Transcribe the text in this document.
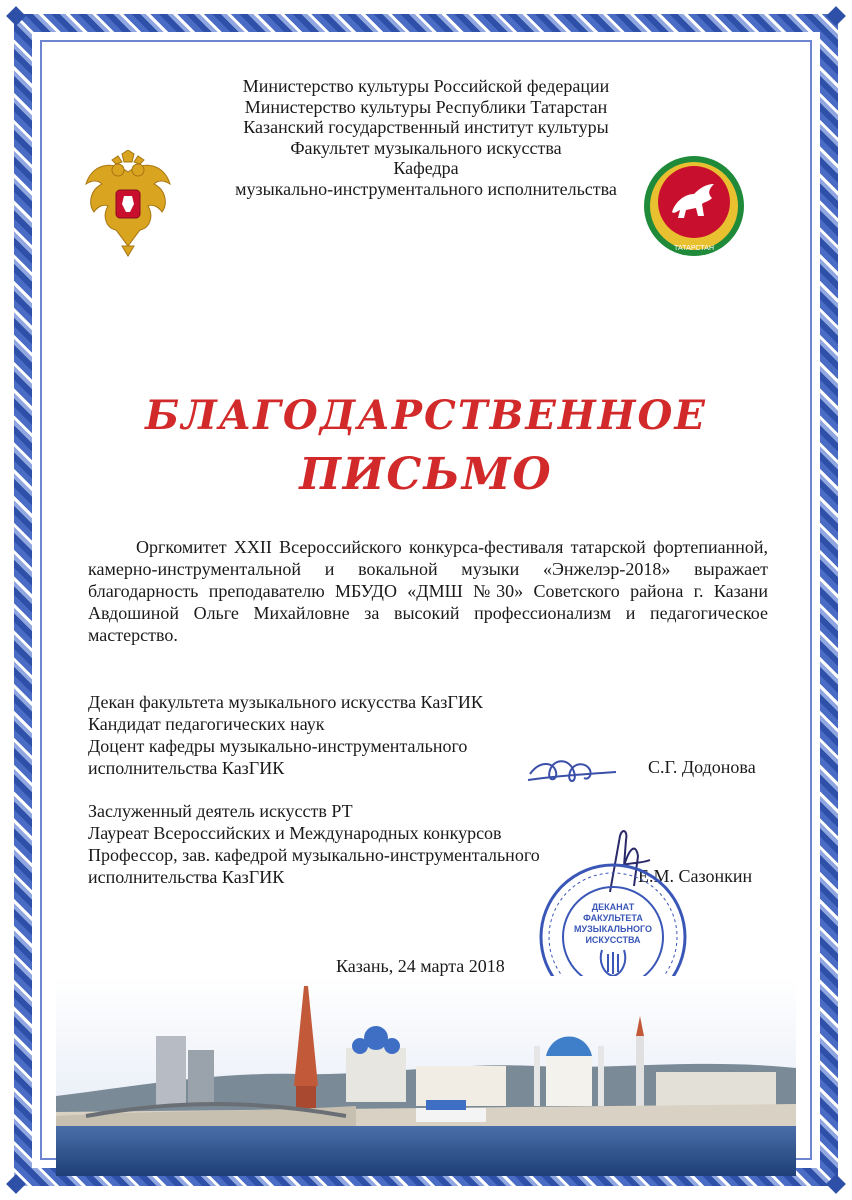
Министерство культуры Российской федерации
Министерство культуры Республики Татарстан
Казанский государственный институт культуры
Факультет музыкального искусства
Кафедра
музыкально-инструментального исполнительства
ТАТАРСТАН
БЛАГОДАРСТВЕННОЕ
ПИСЬМО
Оргкомитет XXII Всероссийского конкурса-фестиваля татарской фортепианной, камерно-инструментальной и вокальной музыки «Энжелэр-2018» выражает благодарность преподавателю МБУДО «ДМШ №30» Советского района г. Казани Авдошиной Ольге Михайловне за высокий профессионализм и педагогическое мастерство.
Декан факультета музыкального искусства КазГИК
Кандидат педагогических наук
Доцент кафедры музыкально-инструментального
исполнительства КазГИК	С.Г. Додонова
Заслуженный деятель искусств РТ
Лауреат Всероссийских и Международных конкурсов
Профессор, зав. кафедрой музыкально-инструментального
исполнительства КазГИК	Е.М. Сазонкин
ДЕКАНАТ
ФАКУЛЬТЕТА
МУЗЫКАЛЬНОГО
ИСКУССТВА
Казань, 24 марта 2018
